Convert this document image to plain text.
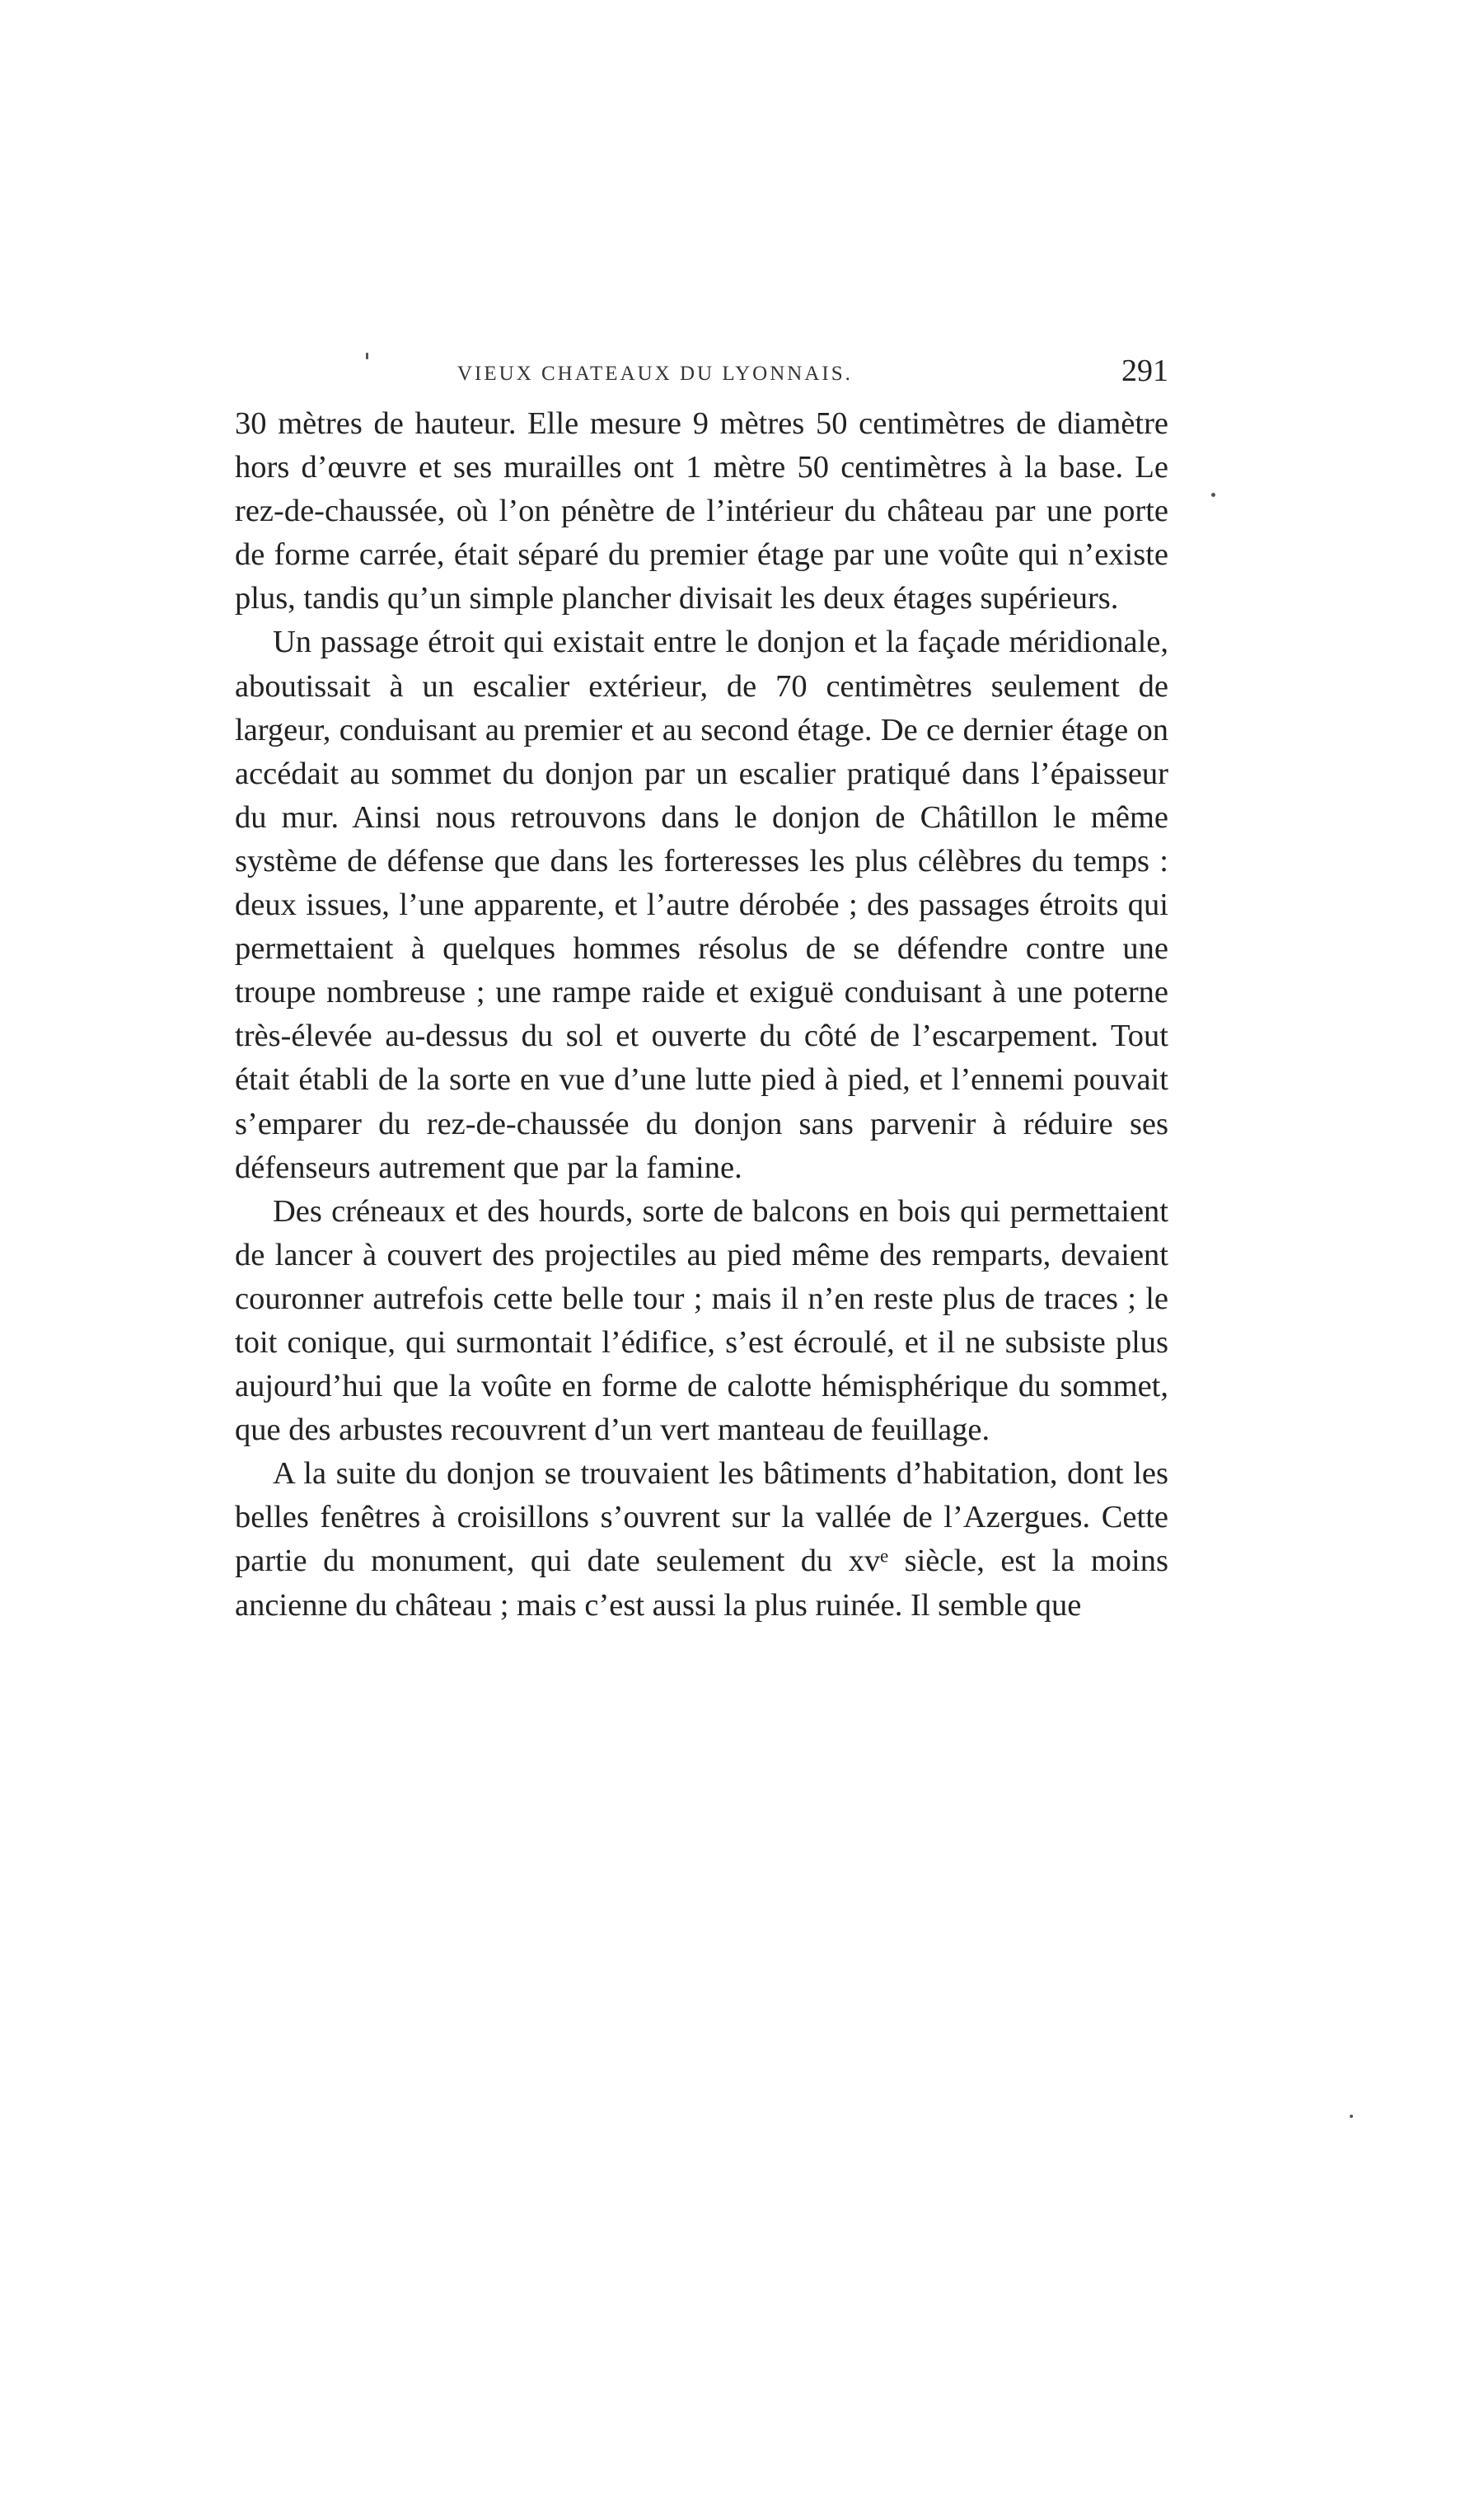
VIEUX CHATEAUX DU LYONNAIS.	291

30 mètres de hauteur. Elle mesure 9 mètres 50 centimètres de diamètre hors d’œuvre et ses murailles ont 1 mètre 50 centimètres à la base. Le rez-de-chaussée, où l’on pénètre de l’intérieur du château par une porte de forme carrée, était séparé du premier étage par une voûte qui n’existe plus, tandis qu’un simple plancher divisait les deux étages supérieurs.

Un passage étroit qui existait entre le donjon et la façade méridionale, aboutissait à un escalier extérieur, de 70 centimètres seulement de largeur, conduisant au premier et au second étage. De ce dernier étage on accédait au sommet du donjon par un escalier pratiqué dans l’épaisseur du mur. Ainsi nous retrouvons dans le donjon de Châtillon le même système de défense que dans les forteresses les plus célèbres du temps : deux issues, l’une apparente, et l’autre dérobée ; des passages étroits qui permettaient à quelques hommes résolus de se défendre contre une troupe nombreuse ; une rampe raide et exiguë conduisant à une poterne très-élevée au-dessus du sol et ouverte du côté de l’escarpement. Tout était établi de la sorte en vue d’une lutte pied à pied, et l’ennemi pouvait s’emparer du rez-de-chaussée du donjon sans parvenir à réduire ses défenseurs autrement que par la famine.

Des créneaux et des hourds, sorte de balcons en bois qui permettaient de lancer à couvert des projectiles au pied même des remparts, devaient couronner autrefois cette belle tour ; mais il n’en reste plus de traces ; le toit conique, qui surmontait l’édifice, s’est écroulé, et il ne subsiste plus aujourd’hui que la voûte en forme de calotte hémisphérique du sommet, que des arbustes recouvrent d’un vert manteau de feuillage.

A la suite du donjon se trouvaient les bâtiments d’habitation, dont les belles fenêtres à croisillons s’ouvrent sur la vallée de l’Azergues. Cette partie du monument, qui date seulement du xvᵉ siècle, est la moins ancienne du château ; mais c’est aussi la plus ruinée. Il semble que
